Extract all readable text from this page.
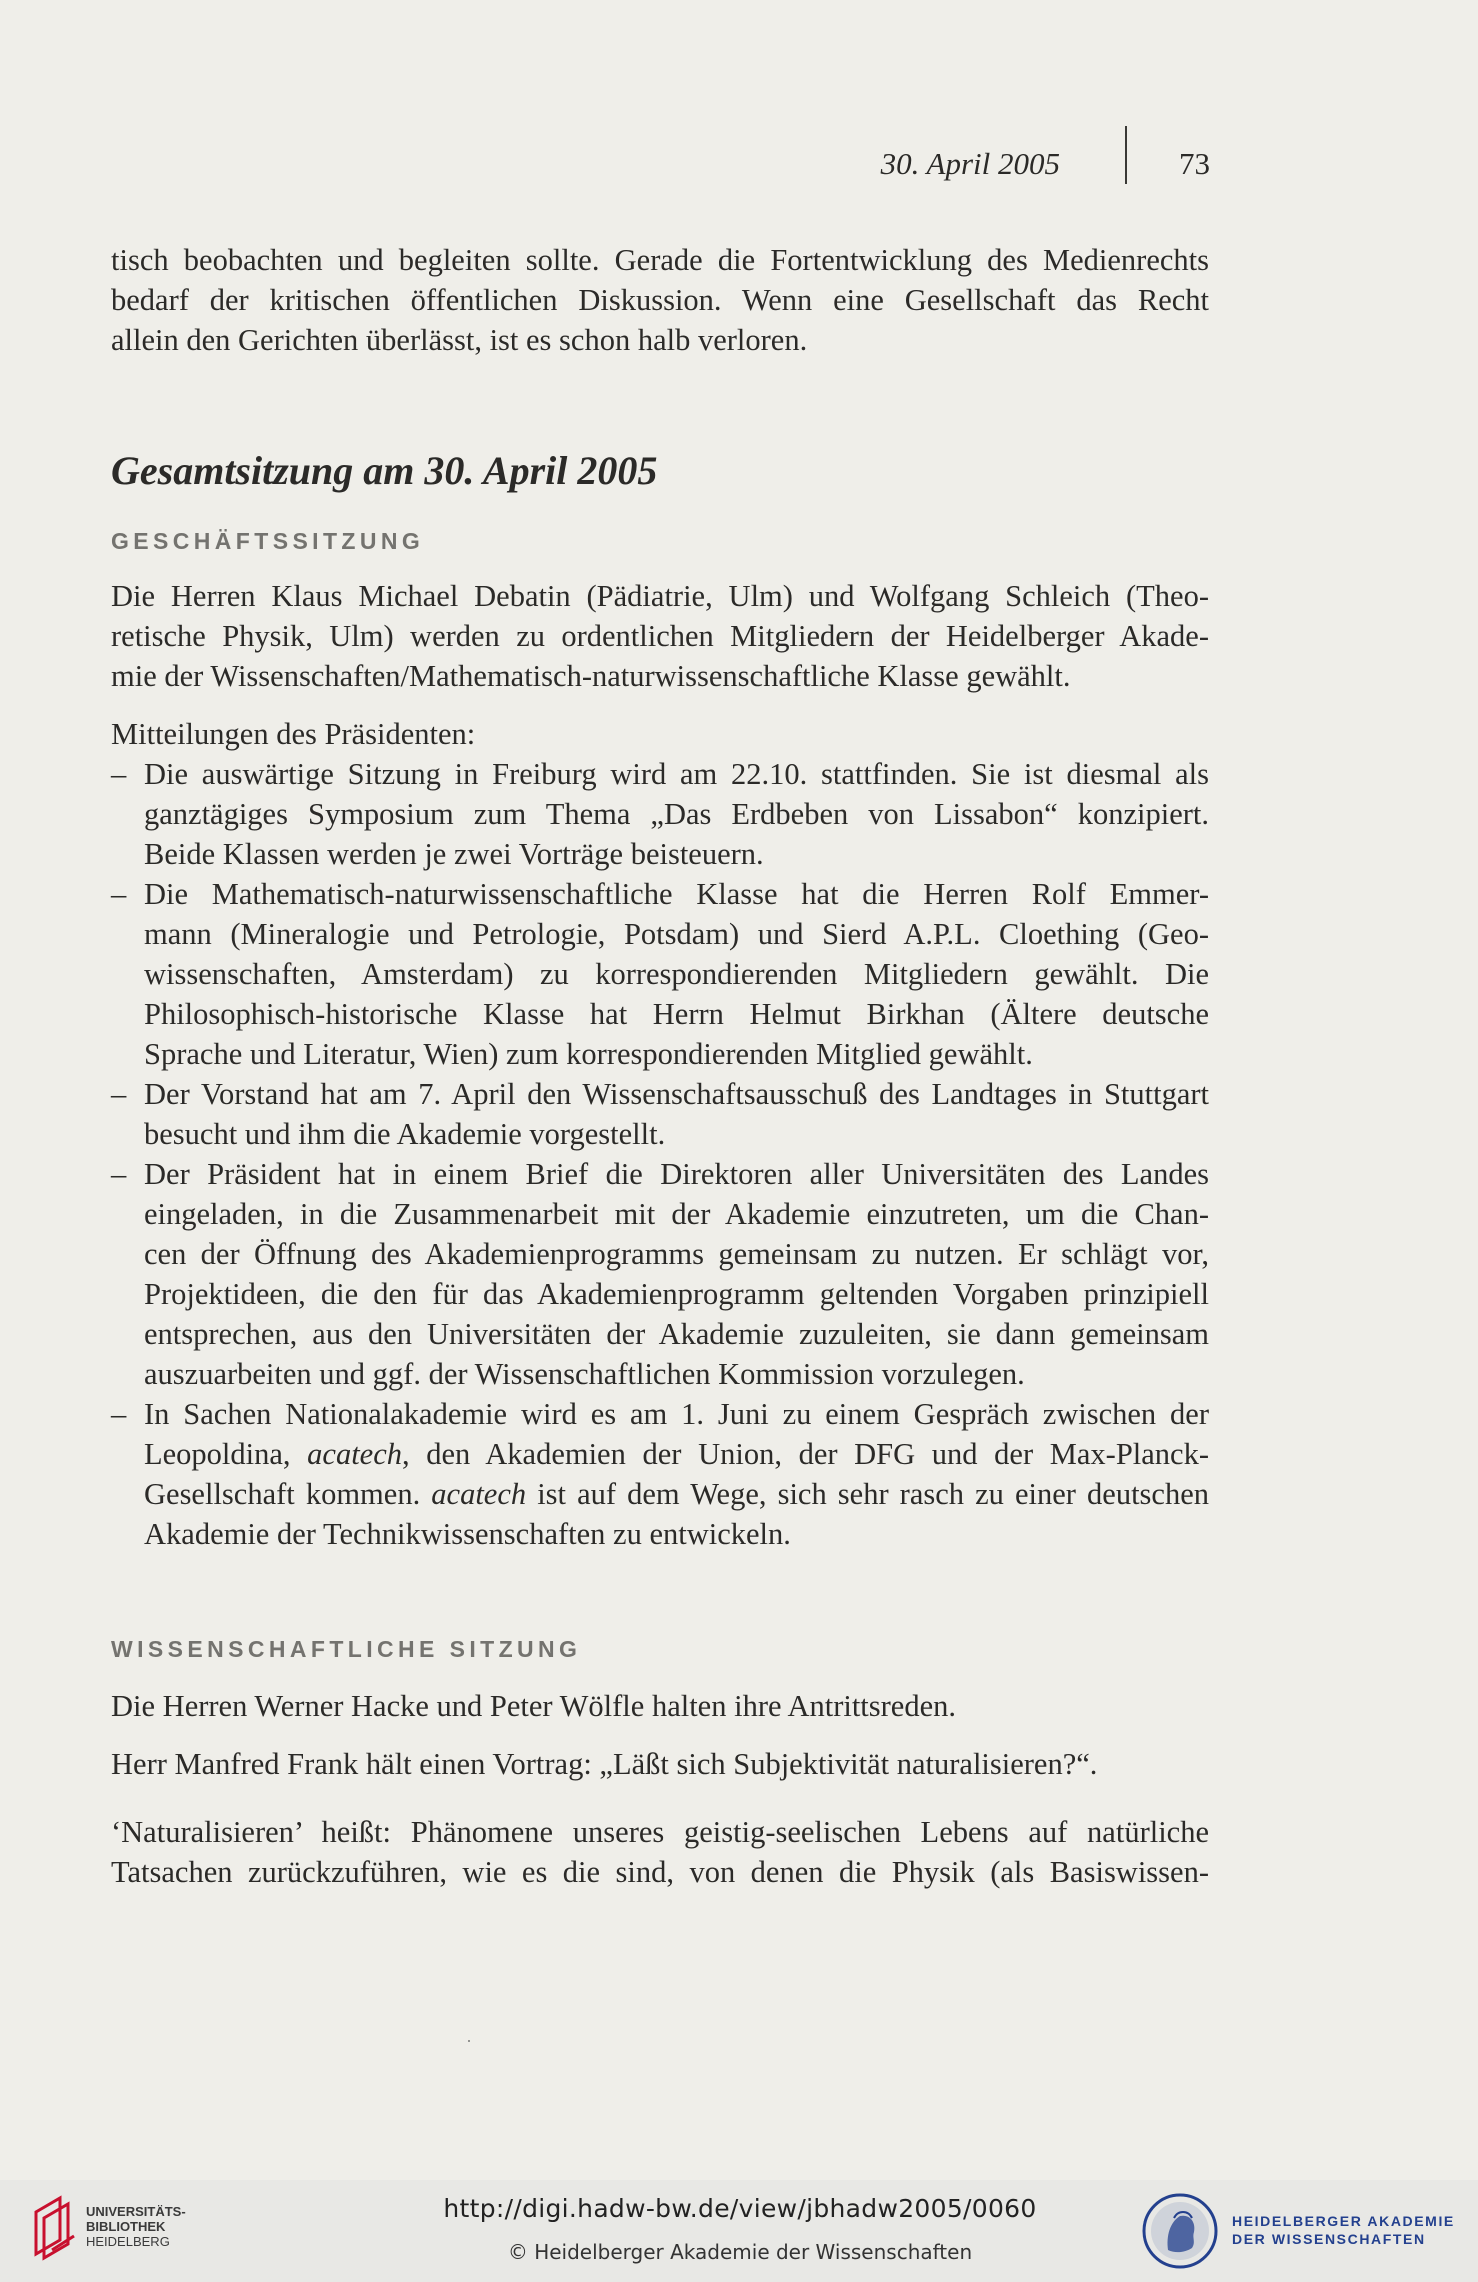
30. April 2005	73

tisch beobachten und begleiten sollte. Gerade die Fortentwicklung des Medienrechts
bedarf der kritischen öffentlichen Diskussion. Wenn eine Gesellschaft das Recht
allein den Gerichten überlässt, ist es schon halb verloren.

Gesamtsitzung am 30. April 2005
GESCHÄFTSSITZUNG

Die Herren Klaus Michael Debatin (Pädiatrie, Ulm) und Wolfgang Schleich (Theo-
retische Physik, Ulm) werden zu ordentlichen Mitgliedern der Heidelberger Akade-
mie der Wissenschaften/Mathematisch-naturwissenschaftliche Klasse gewählt.

Mitteilungen des Präsidenten:

– Die auswärtige Sitzung in Freiburg wird am 22.10. stattfinden. Sie ist diesmal als
ganztägiges Symposium zum Thema „Das Erdbeben von Lissabon“ konzipiert.
Beide Klassen werden je zwei Vorträge beisteuern.
– Die Mathematisch-naturwissenschaftliche Klasse hat die Herren Rolf Emmer-
mann (Mineralogie und Petrologie, Potsdam) und Sierd A.P.L. Cloething (Geo-
wissenschaften, Amsterdam) zu korrespondierenden Mitgliedern gewählt. Die
Philosophisch-historische Klasse hat Herrn Helmut Birkhan (Ältere deutsche
Sprache und Literatur, Wien) zum korrespondierenden Mitglied gewählt.
– Der Vorstand hat am 7. April den Wissenschaftsausschuß des Landtages in Stuttgart
besucht und ihm die Akademie vorgestellt.
– Der Präsident hat in einem Brief die Direktoren aller Universitäten des Landes
eingeladen, in die Zusammenarbeit mit der Akademie einzutreten, um die Chan-
cen der Öffnung des Akademienprogramms gemeinsam zu nutzen. Er schlägt vor,
Projektideen, die den für das Akademienprogramm geltenden Vorgaben prinzipiell
entsprechen, aus den Universitäten der Akademie zuzuleiten, sie dann gemeinsam
auszuarbeiten und ggf. der Wissenschaftlichen Kommission vorzulegen.
– In Sachen Nationalakademie wird es am 1. Juni zu einem Gespräch zwischen der
Leopoldina, acatech, den Akademien der Union, der DFG und der Max-Planck-
Gesellschaft kommen. acatech ist auf dem Wege, sich sehr rasch zu einer deutschen
Akademie der Technikwissenschaften zu entwickeln.
WISSENSCHAFTLICHE SITZUNG

Die Herren Werner Hacke und Peter Wölfle halten ihre Antrittsreden.

Herr Manfred Frank hält einen Vortrag: „Läßt sich Subjektivität naturalisieren?“.

‘Naturalisieren’ heißt: Phänomene unseres geistig-seelischen Lebens auf natürliche
Tatsachen zurückzuführen, wie es die sind, von denen die Physik (als Basiswissen-

UNIVERSITÄTS-
BIBLIOTHEK
HEIDELBERG
http://digi.hadw-bw.de/view/jbhadw2005/0060
© Heidelberger Akademie der Wissenschaften
HEIDELBERGER AKADEMIE
DER WISSENSCHAFTEN
